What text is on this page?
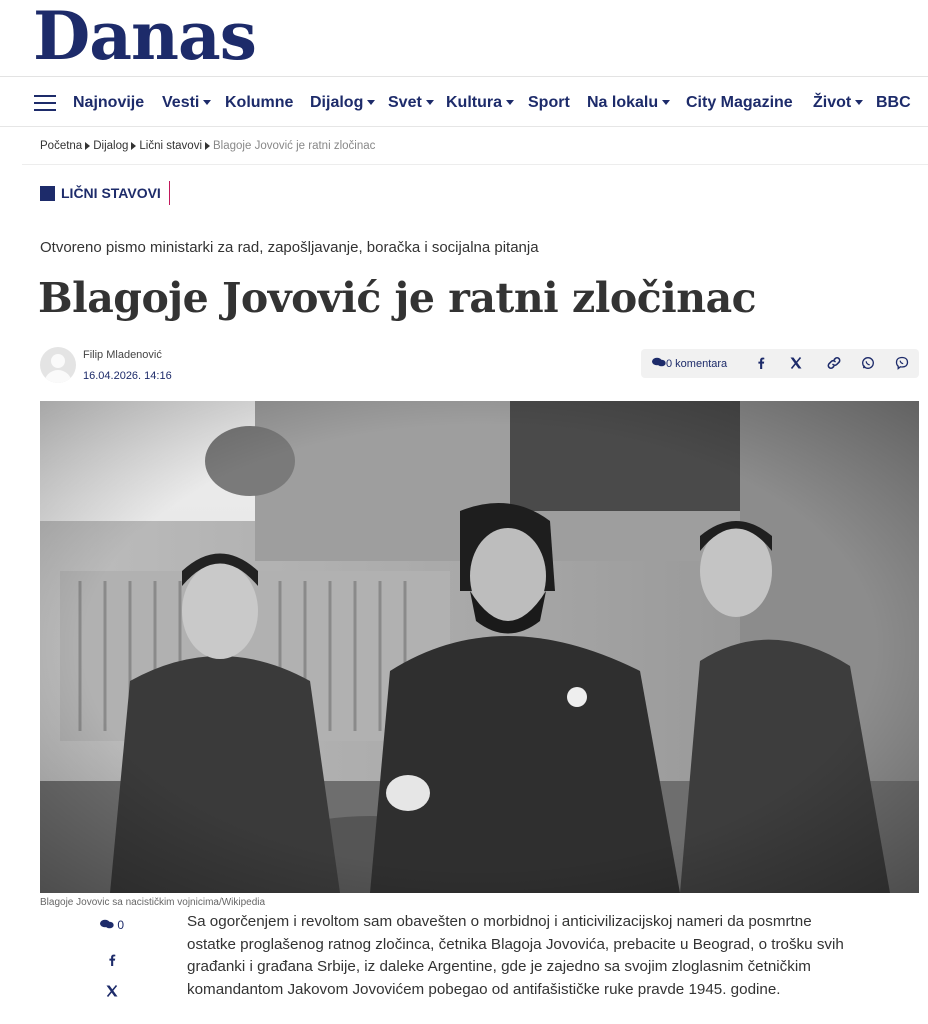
Danas
Najnovije Vesti	Kolumne Dijalog	Svet	Kultura	Sport Na lokalu	City Magazine Život	BBC
Početna Dijalog Lični stavovi Blagoje Jovović je ratni zločinac
LIČNI STAVOVI
Otvoreno pismo ministarki za rad, zapošljavanje, boračka i socijalna pitanja
Blagoje Jovović je ratni zločinac
Filip Mladenović
16.04.2026. 14:16
0 komentara
Blagoje Jovovic sa nacističkim vojnicima/Wikipedia
0	Sa ogorčenjem i revoltom sam obavešten o morbidnoj i anticivilizacijskoj nameri da posmrtne

ostatke proglašenog ratnog zločinca, četnika Blagoja Jovovića, prebacite u Beograd, o trošku svih

građanki i građana Srbije, iz daleke Argentine, gde je zajedno sa svojim zloglasnim četničkim

komandantom Jakovom Jovovićem pobegao od antifašističke ruke pravde 1945. godine.
